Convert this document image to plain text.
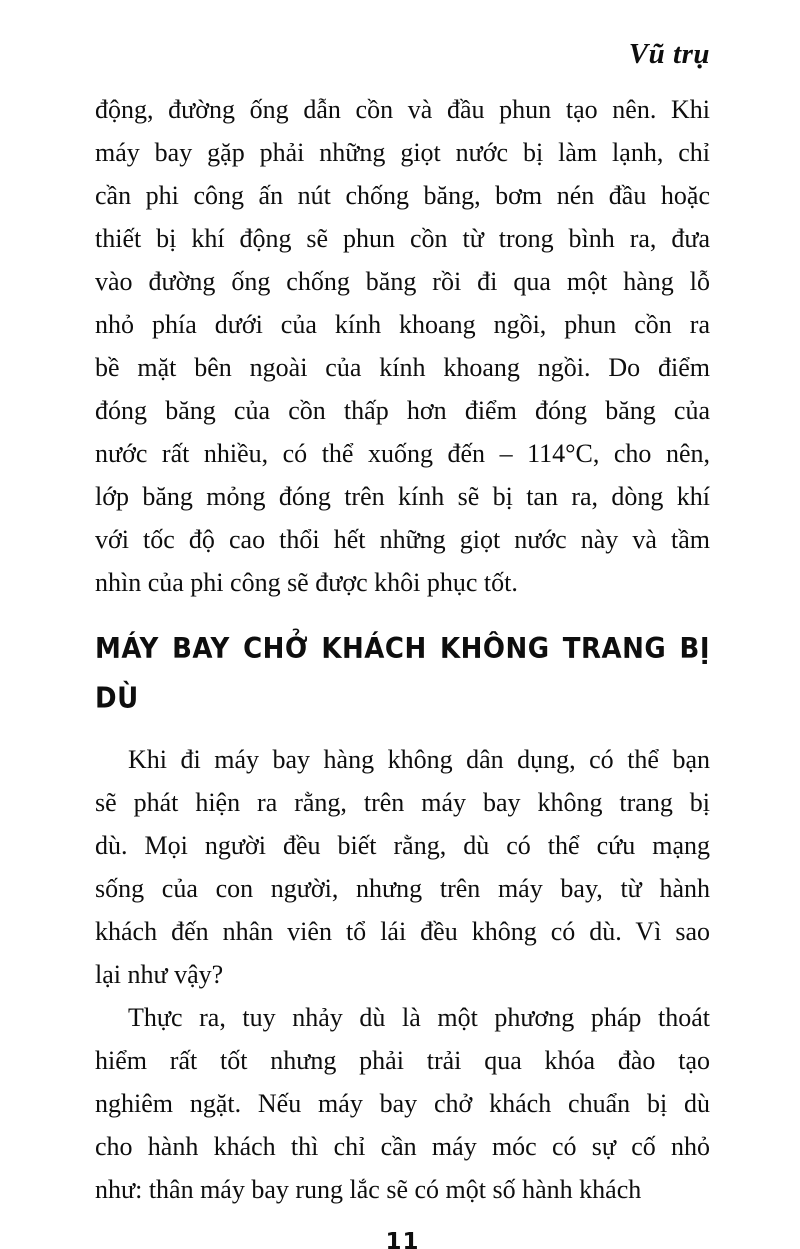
Vũ trụ
động, đường ống dẫn cồn và đầu phun tạo nên. Khi
máy bay gặp phải những giọt nước bị làm lạnh, chỉ
cần phi công ấn nút chống băng, bơm nén đầu hoặc
thiết bị khí động sẽ phun cồn từ trong bình ra, đưa
vào đường ống chống băng rồi đi qua một hàng lỗ
nhỏ phía dưới của kính khoang ngồi, phun cồn ra
bề mặt bên ngoài của kính khoang ngồi. Do điểm
đóng băng của cồn thấp hơn điểm đóng băng của
nước rất nhiều, có thể xuống đến – 114°C, cho nên,
lớp băng mỏng đóng trên kính sẽ bị tan ra, dòng khí
với tốc độ cao thổi hết những giọt nước này và tầm
nhìn của phi công sẽ được khôi phục tốt.
MÁY BAY CHỞ KHÁCH KHÔNG TRANG BỊ DÙ
Khi đi máy bay hàng không dân dụng, có thể bạn
sẽ phát hiện ra rằng, trên máy bay không trang bị
dù. Mọi người đều biết rằng, dù có thể cứu mạng
sống của con người, nhưng trên máy bay, từ hành
khách đến nhân viên tổ lái đều không có dù. Vì sao
lại như vậy?
Thực ra, tuy nhảy dù là một phương pháp thoát
hiểm rất tốt nhưng phải trải qua khóa đào tạo
nghiêm ngặt. Nếu máy bay chở khách chuẩn bị dù
cho hành khách thì chỉ cần máy móc có sự cố nhỏ
như: thân máy bay rung lắc sẽ có một số hành khách
11
